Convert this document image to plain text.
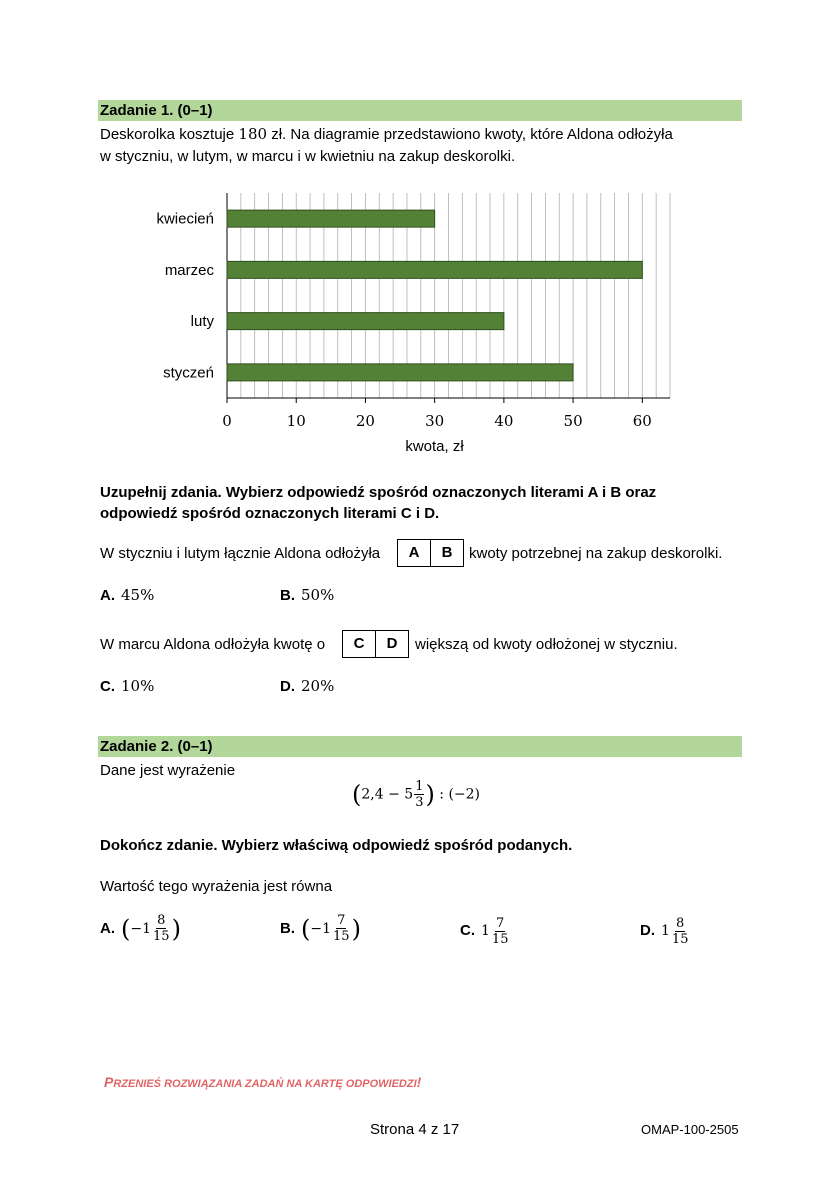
Zadanie 1. (0–1)
Deskorolka kosztuje 180 zł. Na diagramie przedstawiono kwoty, które Aldona odłożyła
w styczniu, w lutym, w marcu i w kwietniu na zakup deskorolki.
0	10	20	30	40	50	60
styczeń
luty
marzec
kwiecień
kwota, zł
Uzupełnij zdania. Wybierz odpowiedź spośród oznaczonych literami A i B oraz
odpowiedź spośród oznaczonych literami C i D.
W styczniu i lutym łącznie Aldona odłożyła	A	B	kwoty potrzebnej na zakup deskorolki.
A. 45%	B. 50%
W marcu Aldona odłożyła kwotę o	C	D	większą od kwoty odłożonej w styczniu.
C. 10%	D. 20%
Zadanie 2. (0–1)
Dane jest wyrażenie
($2,4 - 5 \frac{1}{3}$ ) : (−2)
Dokończ zdanie. Wybierz właściwą odpowiedź spośród podanych.
Wartość tego wyrażenia jest równa
A. ($-1 \frac{8}{15}$ )	B. ($-1 \frac{7}{15}$ )	C. $1 \frac{7}{15}$	D. $1 \frac{8}{15}$
PRZENIEŚ ROZWIĄZANIA ZADAŃ NA KARTĘ ODPOWIEDZI!
Strona 4 z 17	OMAP-100-2505
